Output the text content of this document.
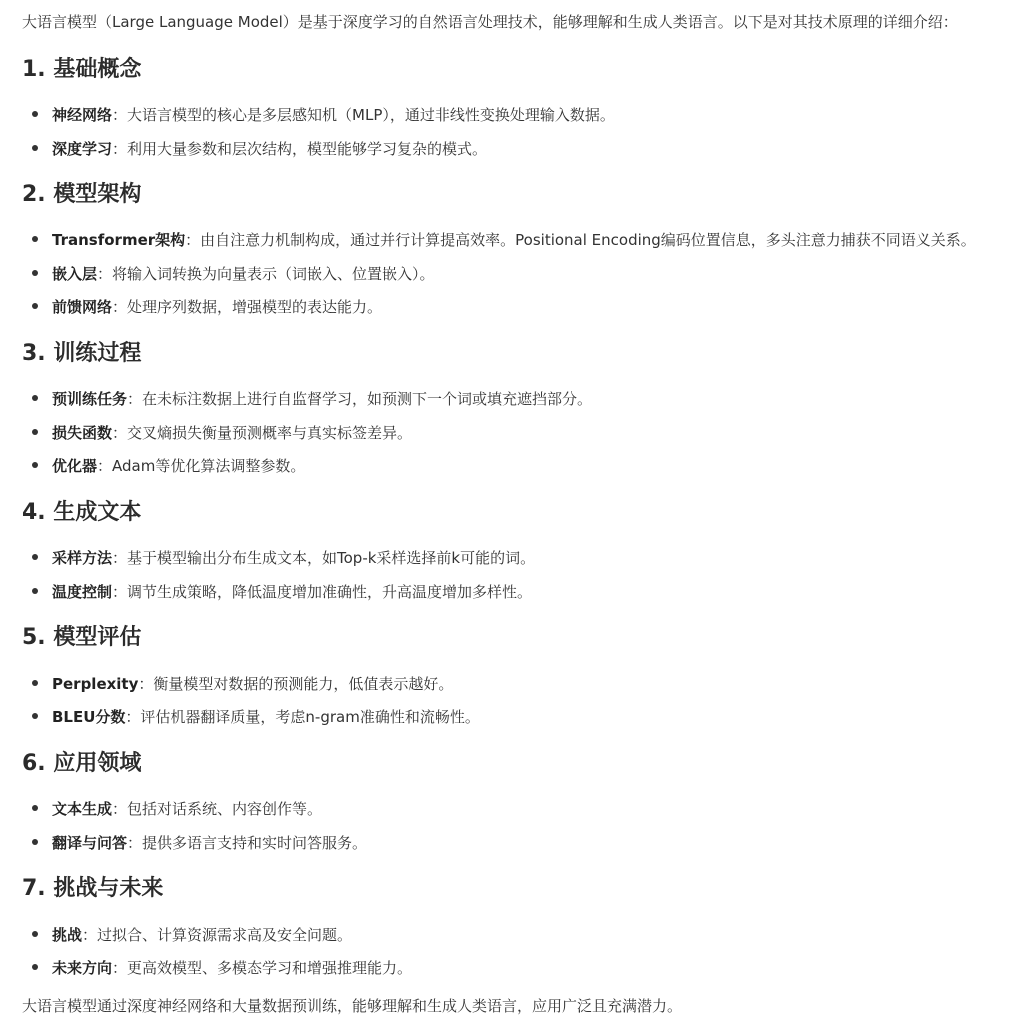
大语言模型（Large Language Model）是基于深度学习的自然语言处理技术，能够理解和生成人类语言。以下是对其技术原理的详细介绍：

1. 基础概念
神经网络：大语言模型的核心是多层感知机（MLP），通过非线性变换处理输入数据。
深度学习：利用大量参数和层次结构，模型能够学习复杂的模式。
2. 模型架构
Transformer架构：由自注意力机制构成，通过并行计算提高效率。Positional Encoding编码位置信息，多头注意力捕获不同语义关系。
嵌入层：将输入词转换为向量表示（词嵌入、位置嵌入）。
前馈网络：处理序列数据，增强模型的表达能力。
3. 训练过程
预训练任务：在未标注数据上进行自监督学习，如预测下一个词或填充遮挡部分。
损失函数：交叉熵损失衡量预测概率与真实标签差异。
优化器：Adam等优化算法调整参数。
4. 生成文本
采样方法：基于模型输出分布生成文本，如Top-k采样选择前k可能的词。
温度控制：调节生成策略，降低温度增加准确性，升高温度增加多样性。
5. 模型评估
Perplexity：衡量模型对数据的预测能力，低值表示越好。
BLEU分数：评估机器翻译质量，考虑n-gram准确性和流畅性。
6. 应用领域
文本生成：包括对话系统、内容创作等。
翻译与问答：提供多语言支持和实时问答服务。
7. 挑战与未来
挑战：过拟合、计算资源需求高及安全问题。
未来方向：更高效模型、多模态学习和增强推理能力。

大语言模型通过深度神经网络和大量数据预训练，能够理解和生成人类语言，应用广泛且充满潜力。
